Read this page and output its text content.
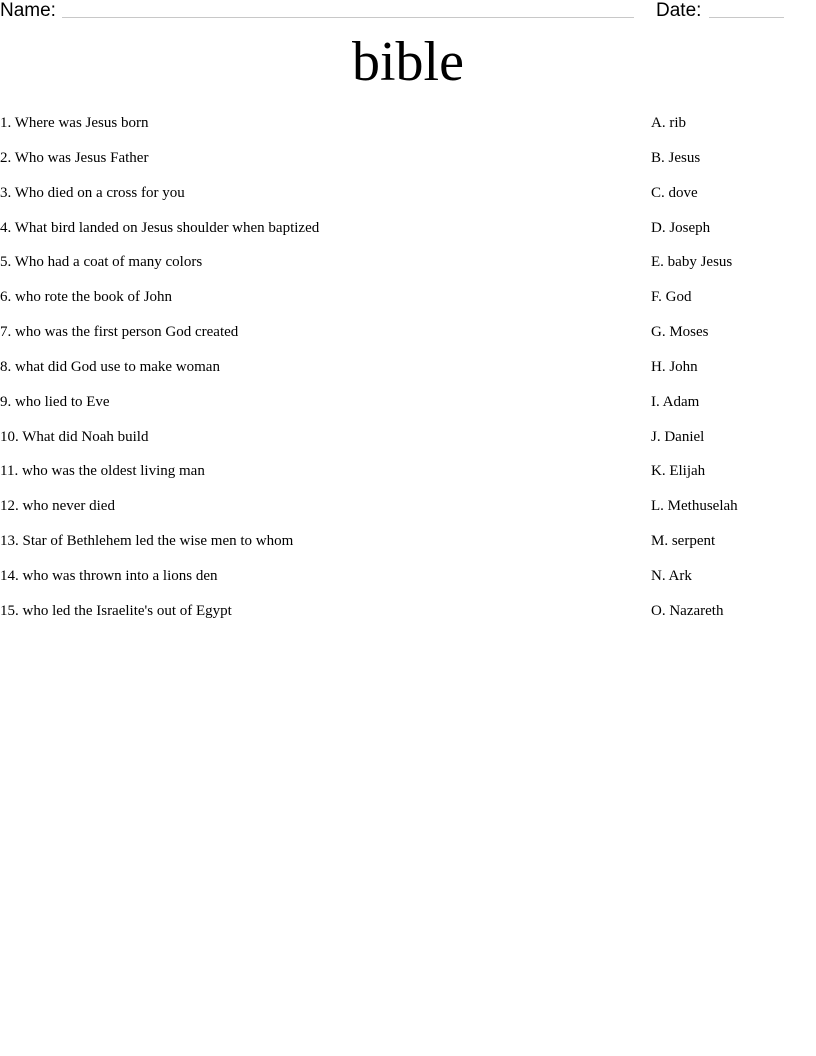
Name:	Date:
bible
1. Where was Jesus born
2. Who was Jesus Father
3. Who died on a cross for you
4. What bird landed on Jesus shoulder when baptized
5. Who had a coat of many colors
6. who rote the book of John
7. who was the first person God created
8. what did God use to make woman
9. who lied to Eve
10. What did Noah build
11. who was the oldest living man
12. who never died
13. Star of Bethlehem led the wise men to whom
14. who was thrown into a lions den
15. who led the Israelite's out of Egypt
A. rib
B. Jesus
C. dove
D. Joseph
E. baby Jesus
F. God
G. Moses
H. John
I. Adam
J. Daniel
K. Elijah
L. Methuselah
M. serpent
N. Ark
O. Nazareth
